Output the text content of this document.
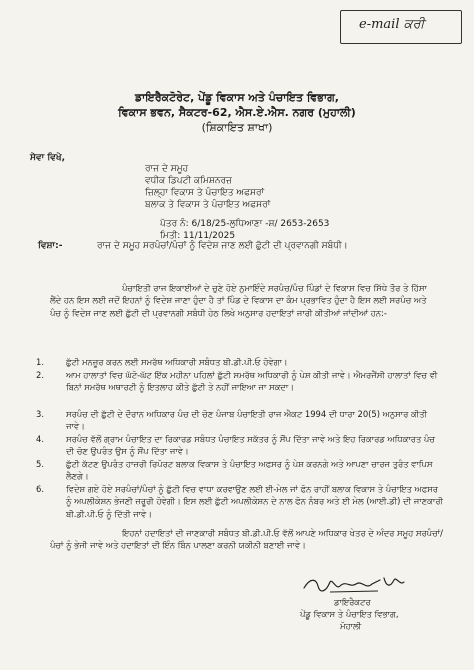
e-mail ਕਰੀ
ਡਾਇਰੈਕਟੋਰੇਟ, ਪੇਂਡੂ ਵਿਕਾਸ ਅਤੇ ਪੰਚਾਇਤ ਵਿਭਾਗ,
ਵਿਕਾਸ ਭਵਨ, ਸੈਕਟਰ-62, ਐਸ.ਏ.ਐਸ. ਨਗਰ (ਮੁਹਾਲੀ)
(ਸ਼ਿਕਾਇਤ ਸ਼ਾਖਾ)
ਸੇਵਾ ਵਿਖੇ,
ਰਾਜ ਦੇ ਸਮੂਹ
ਵਧੀਕ ਡਿਪਟੀ ਕਮਿਸ਼ਨਰਜ਼
ਜ਼ਿਲ੍ਹਾ ਵਿਕਾਸ ਤੇ ਪੰਚਾਇਤ ਅਫਸਰਾਂ
ਬਲਾਕ ਤੇ ਵਿਕਾਸ ਤੇ ਪੰਚਾਇਤ ਅਫਸਰਾਂ
ਪੱਤਰ ਨੰ: 6/18/25-ਲੁਧਿਆਣਾ -ਸ਼/ 2653-2653
ਮਿਤੀ: 11/11/2025
ਵਿਸ਼ਾ:-	ਰਾਜ ਦੇ ਸਮੂਹ ਸਰਪੰਚਾਂ/ਪੰਚਾਂ ਨੂੰ ਵਿਦੇਸ਼ ਜਾਣ ਲਈ ਛੁੱਟੀ ਦੀ ਪ੍ਰਵਾਨਗੀ ਸਬੰਧੀ।
ਪੰਚਾਇਤੀ ਰਾਜ ਇਕਾਈਆਂ ਦੇ ਚੁਣੇ ਹੋਏ ਨੁਮਾਇੰਦੇ ਸਰਪੰਚ/ਪੰਚ ਪਿੰਡਾਂ ਦੇ ਵਿਕਾਸ ਵਿਚ ਸਿੱਧੇ ਤੌਰ ਤੇ ਹਿੱਸਾ ਲੈਂਦੇ ਹਨ ਇਸ ਲਈ ਜਦੋਂ ਇਹਨਾਂ ਨੂੰ ਵਿਦੇਸ਼ ਜਾਣਾ ਹੁੰਦਾ ਹੈ ਤਾਂ ਪਿੰਡ ਦੇ ਵਿਕਾਸ ਦਾ ਕੰਮ ਪ੍ਰਭਾਵਿਤ ਹੁੰਦਾ ਹੈ ਇਸ ਲਈ ਸਰਪੰਚ ਅਤੇ ਪੰਚ ਨੂੰ ਵਿਦੇਸ਼ ਜਾਣ ਲਈ ਛੁੱਟੀ ਦੀ ਪ੍ਰਵਾਨਗੀ ਸਬੰਧੀ ਹੇਠ ਲਿਖੇ ਅਨੁਸਾਰ ਹਦਾਇਤਾਂ ਜਾਰੀ ਕੀਤੀਆਂ ਜਾਂਦੀਆਂ ਹਨ:-
1.	ਛੁੱਟੀ ਮਨਜ਼ੂਰ ਕਰਨ ਲਈ ਸਮਰੱਥ ਅਧਿਕਾਰੀ ਸਬੰਧਤ ਬੀ.ਡੀ.ਪੀ.ਓ ਹੋਵੇਗਾ।
2.	ਆਮ ਹਾਲਾਤਾਂ ਵਿਚ ਘੱਟੋ-ਘੱਟ ਇੱਕ ਮਹੀਨਾ ਪਹਿਲਾਂ ਛੁੱਟੀ ਸਮਰੱਥ ਅਧਿਕਾਰੀ ਨੂੰ ਪੇਸ਼ ਕੀਤੀ ਜਾਵੇ। ਐਮਰਜੈਂਸੀ ਹਾਲਾਤਾਂ ਵਿਚ ਵੀ ਬਿਨਾਂ ਸਮਰੱਥ ਅਥਾਰਟੀ ਨੂੰ ਇਤਲਾਹ ਕੀਤੇ ਛੁੱਟੀ ਤੇ ਨਹੀਂ ਜਾਇਆ ਜਾ ਸਕਦਾ।
3.	ਸਰਪੰਚ ਦੀ ਛੁੱਟੀ ਦੇ ਦੌਰਾਨ ਅਧਿਕਾਰ ਪੰਚ ਦੀ ਚੋਣ ਪੰਜਾਬ ਪੰਚਾਇਤੀ ਰਾਜ ਐਕਟ 1994 ਦੀ ਧਾਰਾ 20(5) ਅਨੁਸਾਰ ਕੀਤੀ ਜਾਵੇ।
4.	ਸਰਪੰਚ ਵੱਲੋਂ ਗ੍ਰਾਮ ਪੰਚਾਇਤ ਦਾ ਰਿਕਾਰਡ ਸਬੰਧਤ ਪੰਚਾਇਤ ਸਕੱਤਰ ਨੂੰ ਸੌਂਪ ਦਿੱਤਾ ਜਾਵੇ ਅਤੇ ਇਹ ਰਿਕਾਰਡ ਅਧਿਕਾਰਤ ਪੰਚ ਦੀ ਚੋਣ ਉਪਰੰਤ ਉਸ ਨੂੰ ਸੌਂਪ ਦਿੱਤਾ ਜਾਵੇ।
5.	ਛੁੱਟੀ ਕੱਟਣ ਉਪਰੰਤ ਹਾਜ਼ਰੀ ਰਿਪੋਰਟ ਬਲਾਕ ਵਿਕਾਸ ਤੇ ਪੰਚਾਇਤ ਅਫਸਰ ਨੂੰ ਪੇਸ਼ ਕਰਨਗੇ ਅਤੇ ਆਪਣਾ ਚਾਰਜ ਤੁਰੰਤ ਵਾਪਿਸ ਲੈਣਗੇ।
6.	ਵਿਦੇਸ਼ ਗਏ ਹੋਏ ਸਰਪੰਚਾਂ/ਪੰਚਾਂ ਨੂੰ ਛੁੱਟੀ ਵਿਚ ਵਾਧਾ ਕਰਵਾਉਣ ਲਈ ਈ-ਮੇਲ ਜਾਂ ਫੋਨ ਰਾਹੀਂ ਬਲਾਕ ਵਿਕਾਸ ਤੇ ਪੰਚਾਇਤ ਅਫਸਰ ਨੂੰ ਅਪਲੀਕੇਸ਼ਨ ਭੇਜਣੀ ਜ਼ਰੂਰੀ ਹੋਵੇਗੀ। ਇਸ ਲਈ ਛੁੱਟੀ ਅਪਲੀਕੇਸ਼ਨ ਦੇ ਨਾਲ ਫੋਨ ਨੰਬਰ ਅਤੇ ਈ ਮੇਲ (ਆਈ.ਡੀ) ਦੀ ਜਾਣਕਾਰੀ ਬੀ.ਡੀ.ਪੀ.ਓ ਨੂੰ ਦਿੱਤੀ ਜਾਵੇ।
ਇਹਨਾਂ ਹਦਾਇਤਾਂ ਦੀ ਜਾਣਕਾਰੀ ਸਬੰਧਤ ਬੀ.ਡੀ.ਪੀ.ਓ ਵੱਲੋਂ ਆਪਣੇ ਅਧਿਕਾਰ ਖੇਤਰ ਦੇ ਅੰਦਰ ਸਮੂਹ ਸਰਪੰਚਾਂ/ਪੰਚਾਂ ਨੂੰ ਭੇਜੀ ਜਾਵੇ ਅਤੇ ਹਦਾਇਤਾਂ ਦੀ ਇੰਨ ਬਿੰਨ ਪਾਲਣਾ ਕਰਨੀ ਯਕੀਨੀ ਬਣਾਈ ਜਾਵੇ।
ਡਾਇਰੈਕਟਰ
ਪੇਂਡੂ ਵਿਕਾਸ ਤੇ ਪੰਚਾਇਤ ਵਿਭਾਗ,
ਮੋਹਾਲੀ
